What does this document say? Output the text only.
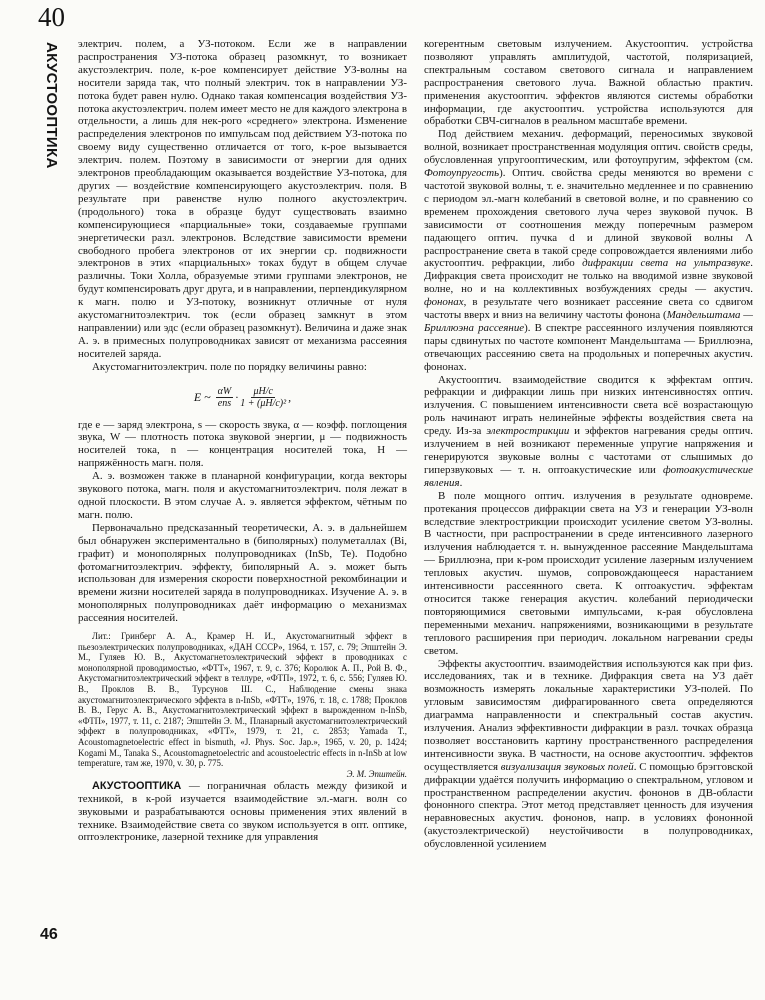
40
АКУСТООПТИКА
46

электрич. полем, а УЗ-потоком. Если же в направлении распространения УЗ-потока образец разомкнут, то возникает акустоэлектрич. поле, к-рое компенсирует действие УЗ-волны на носители заряда так, что полный электрич. ток в направлении УЗ-потока будет равен нулю. Однако такая компенсация воздействия УЗ-потока акустоэлектрич. полем имеет место не для каждого электрона в отдельности, а лишь для нек-рого «среднего» электрона. Изменение распределения электронов по импульсам под действием УЗ-потока по своему виду существенно отличается от того, к-рое вызывается электрич. полем. Поэтому в зависимости от энергии для одних электронов преобладающим оказывается воздействие УЗ-потока, для других — воздействие компенсирующего акустоэлектрич. поля. В результате при равенстве нулю полного акустоэлектрич. (продольного) тока в образце будут существовать взаимно компенсирующиеся «парциальные» токи, создаваемые группами энергетически разл. электронов. Вследствие зависимости времени свободного пробега электронов от их энергии ср. подвижности электронов в этих «парциальных» токах будут в общем случае различны. Токи Холла, образуемые этими группами электронов, не будут компенсировать друг друга, и в направлении, перпендикулярном к магн. полю и УЗ-потоку, возникнут отличные от нуля акустомагнитоэлектрич. ток (если образец замкнут в этом направлении) или эдс (если образец разомкнут). Величина и даже знак А. э. в примесных полупроводниках зависят от механизма рассеяния носителей заряда.

Акустомагнитоэлектрич. поле по порядку величины равно:

E ~
$\frac{\alpha W}{\text{ens}} \cdot \frac{\mu H/c}{\text{1 + (μH/c)²}}$ ,

где e — заряд электрона, s — скорость звука, α — коэфф. поглощения звука, W — плотность потока звуковой энергии, μ — подвижность носителей тока, n — концентрация носителей тока, H — напряжённость магн. поля.

А. э. возможен также в планарной конфигурации, когда векторы звукового потока, магн. поля и акустомагнитоэлектрич. поля лежат в одной плоскости. В этом случае А. э. является эффектом, чётным по магн. полю.

Первоначально предсказанный теоретически, А. э. в дальнейшем был обнаружен экспериментально в (биполярных) полуметаллах (Bi, графит) и монополярных полупроводниках (InSb, Te). Подобно фотомагнитоэлектрич. эффекту, биполярный А. э. может быть использован для измерения скорости поверхностной рекомбинации и времени жизни носителей заряда в полупроводниках. Изучение А. э. в монополярных полупроводниках даёт информацию о механизмах рассеяния носителей.

Лит.: Гринберг А. А., Крамер Н. И., Акустомагнитный эффект в пьезоэлектрических полупроводниках, «ДАН СССР», 1964, т. 157, с. 79; Эпштейн Э. М., Гуляев Ю. В., Акустомагнетоэлектрический эффект в проводниках с монополярной проводимостью, «ФТТ», 1967, т. 9, с. 376; Королюк А. П., Рой В. Ф., Акустомагнитоэлектрический эффект в теллуре, «ФТП», 1972, т. 6, с. 556; Гуляев Ю. В., Проклов В. В., Турсунов Ш. С., Наблюдение смены знака акустомагнитоэлектрического эффекта в n-InSb, «ФТТ», 1976, т. 18, с. 1788; Проклов В. В., Герус А. В., Акустомагнитоэлектрический эффект в вырожденном n-InSb, «ФТП», 1977, т. 11, с. 2187; Эпштейн Э. М., Планарный акустомагнитоэлектрический эффект в полупроводниках, «ФТТ», 1979, т. 21, с. 2853; Yamada T., Acoustomagnetoelectric effect in bismuth, «J. Phys. Soc. Jap.», 1965, v. 20, p. 1424; Kogami M., Tanaka S., Acoustomagnetoelectric and acoustoelectric effects in n-InSb at low temperature, там же, 1970, v. 30, p. 775.

Э. М. Эпштейн.

АКУСТООПТИКА — пограничная область между физикой и техникой, в к-рой изучается взаимодействие эл.-магн. волн со звуковыми и разрабатываются основы применения этих явлений в технике. Взаимодействие света со звуком используется в опт. оптике, оптоэлектронике, лазерной технике для управления

когерентным световым излучением. Акустооптич. устройства позволяют управлять амплитудой, частотой, поляризацией, спектральным составом светового сигнала и направлением распространения светового луча. Важной областью практич. применения акустооптич. эффектов являются системы обработки информации, где акустооптич. устройства используются для обработки СВЧ-сигналов в реальном масштабе времени.

Под действием механич. деформаций, переносимых звуковой волной, возникает пространственная модуляция оптич. свойств среды, обусловленная упругооптическим, или фотоупругим, эффектом (см. Фотоупругость). Оптич. свойства среды меняются во времени с частотой звуковой волны, т. е. значительно медленнее и по сравнению с периодом эл.-магн колебаний в световой волне, и по сравнению со временем прохождения светового луча через звуковой пучок. В зависимости от соотношения между поперечным размером падающего оптич. пучка d и длиной звуковой волны Λ распространение света в такой среде сопровождается явлениями либо акустооптич. рефракции, либо дифракции света на ультразвуке. Дифракция света происходит не только на вводимой извне звуковой волне, но и на коллективных возбуждениях среды — акустич. фононах, в результате чего возникает рассеяние света со сдвигом частоты вверх и вниз на величину частоты фонона (Мандельштама — Бриллюэна рассеяние). В спектре рассеянного излучения появляются пары сдвинутых по частоте компонент Мандельштама — Бриллюэна, отвечающих рассеянию света на продольных и поперечных акустич. фононах.

Акустооптич. взаимодействие сводится к эффектам оптич. рефракции и дифракции лишь при низких интенсивностях оптич. излучения. С повышением интенсивности света всё возрастающую роль начинают играть нелинейные эффекты воздействия света на среду. Из-за электрострикции и эффектов нагревания среды оптич. излучением в ней возникают переменные упругие напряжения и генерируются звуковые волны с частотами от слышимых до гиперзвуковых — т. н. оптоакустические или фотоакустические явления.

В поле мощного оптич. излучения в результате одновреме. протекания процессов дифракции света на УЗ и генерации УЗ-волн вследствие электрострикции происходит усиление светом УЗ-волны. В частности, при распространении в среде интенсивного лазерного излучения наблюдается т. н. вынужденное рассеяние Мандельштама — Бриллюэна, при к-ром происходит усиление лазерным излучением тепловых акустич. шумов, сопровождающееся нарастанием интенсивности рассеянного света. К оптоакустич. эффектам относится также генерация акустич. колебаний периодически повторяющимися световыми импульсами, к-рая обусловлена переменными механич. напряжениями, возникающими в результате теплового расширения при периодич. локальном нагревании среды светом.

Эффекты акустооптич. взаимодействия используются как при физ. исследованиях, так и в технике. Дифракция света на УЗ даёт возможность измерять локальные характеристики УЗ-полей. По угловым зависимостям дифрагированного света определяются диаграмма направленности и спектральный состав акустич. излучения. Анализ эффективности дифракции в разл. точках образца позволяет восстановить картину пространственного распределения интенсивности звука. В частности, на основе акустооптич. эффектов осуществляется визуализация звуковых полей. С помощью брэгговской дифракции удаётся получить информацию о спектральном, угловом и пространственном распределении акустич. фононов в ДВ-области фононного спектра. Этот метод представляет ценность для изучения неравновесных акустич. фононов, напр. в условиях фононной (акустоэлектрической) неустойчивости в полупроводниках, обусловленной усилением
